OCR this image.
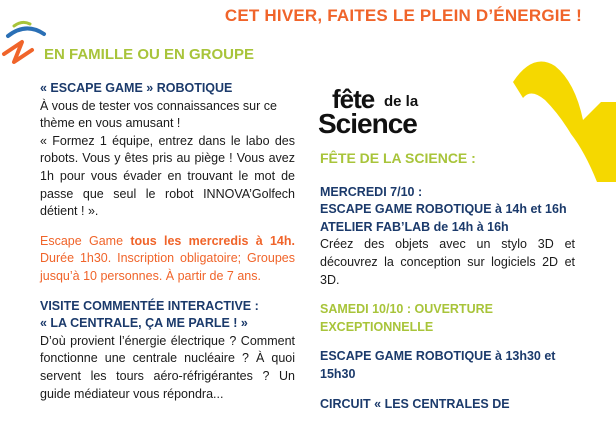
CET HIVER, FAITES LE PLEIN D’ÉNERGIE !
EN FAMILLE OU EN GROUPE

« ESCAPE GAME » ROBOTIQUE

À vous de tester vos connaissances sur ce thème en vous amusant !

« Formez 1 équipe, entrez dans le labo des robots. Vous y êtes pris au piège ! Vous avez 1h pour vous évader en trouvant le mot de passe que seul le robot INNOVA’Golfech détient ! ».

Escape Game tous les mercredis à 14h. Durée 1h30. Inscription obligatoire; Groupes jusqu’à 10 personnes. À partir de 7 ans.

VISITE COMMENTÉE INTERACTIVE :

« LA CENTRALE, ÇA ME PARLE ! »

D’où provient l’énergie électrique ? Comment fonctionne une centrale nucléaire ? À quoi servent les tours aéro-réfrigérantes ? Un guide médiateur vous répondra...

fête de la
Science

FÊTE DE LA SCIENCE :

MERCREDI 7/10 :

ESCAPE GAME ROBOTIQUE à 14h et 16h

ATELIER FAB’LAB de 14h à 16h

Créez des objets avec un stylo 3D et découvrez la conception sur logiciels 2D et 3D.

SAMEDI 10/10 : OUVERTURE EXCEPTIONNELLE

ESCAPE GAME ROBOTIQUE à 13h30 et 15h30

CIRCUIT « LES CENTRALES DE
